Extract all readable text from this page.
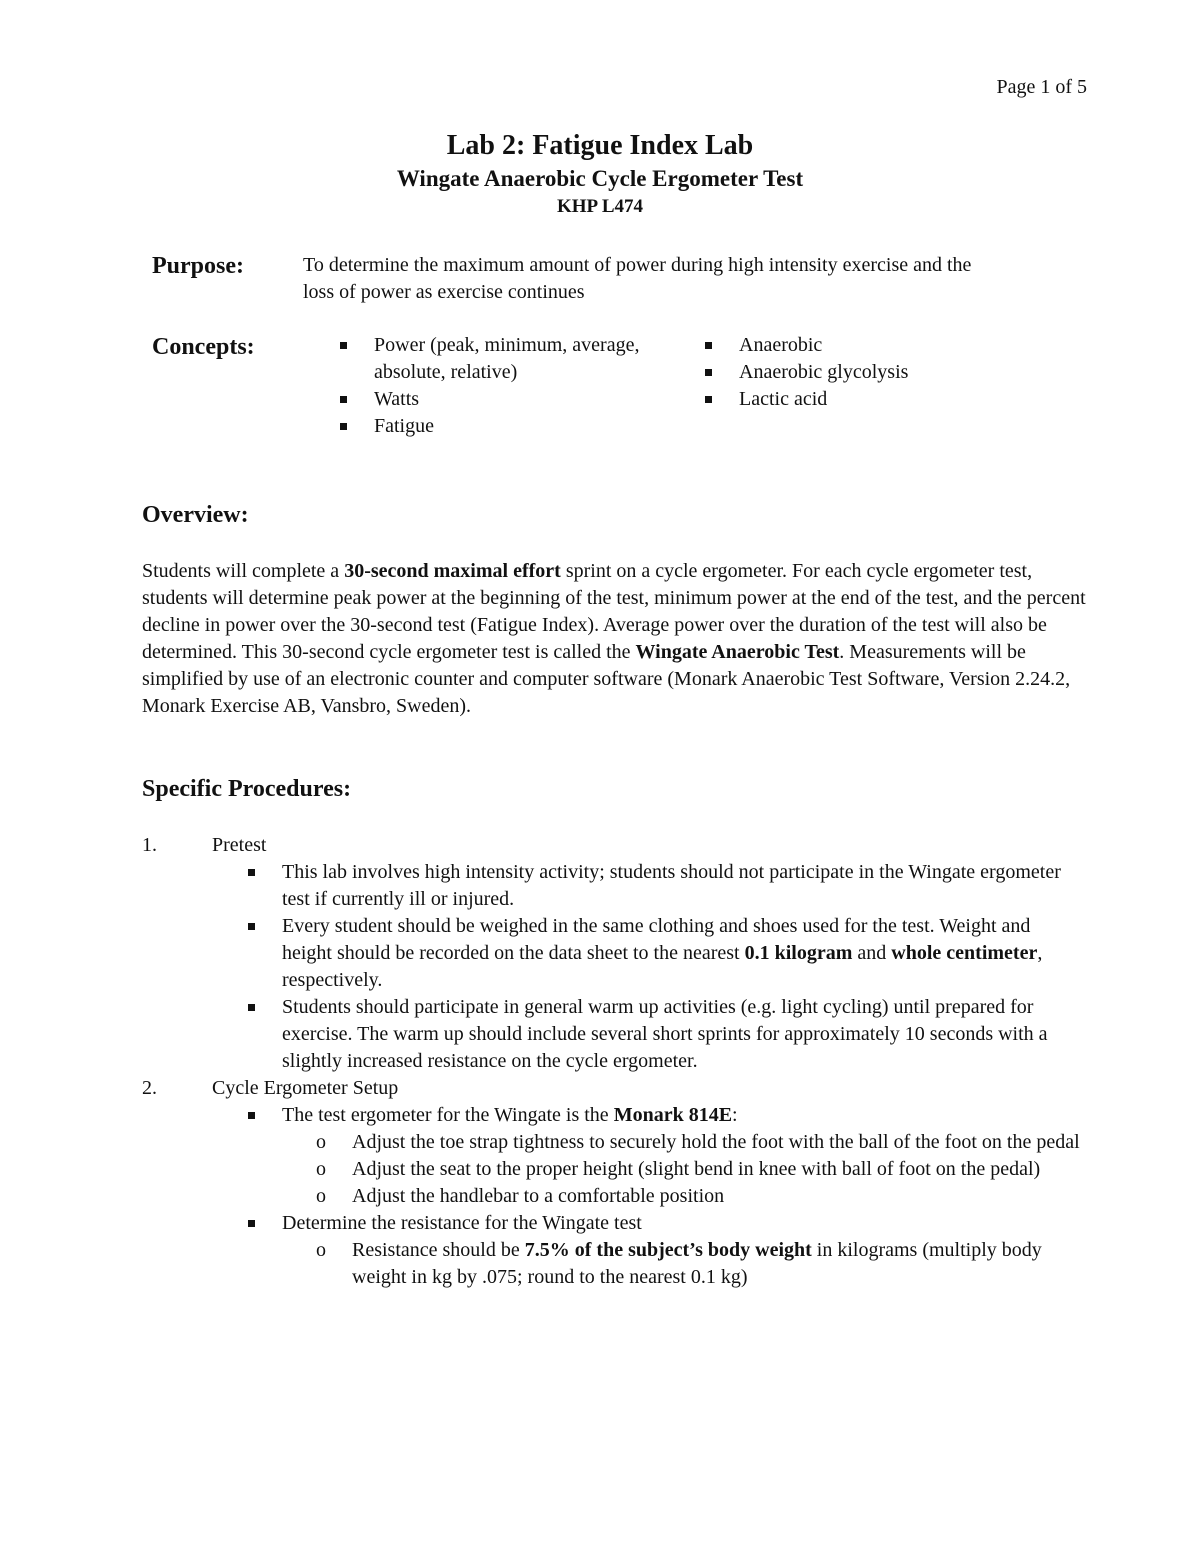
Page 1 of 5
Lab 2: Fatigue Index Lab
Wingate Anaerobic Cycle Ergometer Test
KHP L474
Purpose:	To determine the maximum amount of power during high intensity exercise and the loss of power as exercise continues
Concepts:	Power (peak, minimum, average, absolute, relative)
Watts
Fatigue
Anaerobic
Anaerobic glycolysis
Lactic acid
Overview:

Students will complete a 30-second maximal effort sprint on a cycle ergometer. For each cycle ergometer test, students will determine peak power at the beginning of the test, minimum power at the end of the test, and the percent decline in power over the 30-second test (Fatigue Index). Average power over the duration of the test will also be determined. This 30-second cycle ergometer test is called the Wingate Anaerobic Test. Measurements will be simplified by use of an electronic counter and computer software (Monark Anaerobic Test Software, Version 2.24.2, Monark Exercise AB, Vansbro, Sweden).

Specific Procedures:
1.	Pretest
This lab involves high intensity activity; students should not participate in the Wingate ergometer test if currently ill or injured.
Every student should be weighed in the same clothing and shoes used for the test. Weight and height should be recorded on the data sheet to the nearest 0.1 kilogram and whole centimeter, respectively.
Students should participate in general warm up activities (e.g. light cycling) until prepared for exercise. The warm up should include several short sprints for approximately 10 seconds with a slightly increased resistance on the cycle ergometer.
2.	Cycle Ergometer Setup
The test ergometer for the Wingate is the Monark 814E:
o Adjust the toe strap tightness to securely hold the foot with the ball of the foot on the pedal
o Adjust the seat to the proper height (slight bend in knee with ball of foot on the pedal)
o Adjust the handlebar to a comfortable position
Determine the resistance for the Wingate test
o Resistance should be 7.5% of the subject’s body weight in kilograms (multiply body weight in kg by .075; round to the nearest 0.1 kg)
